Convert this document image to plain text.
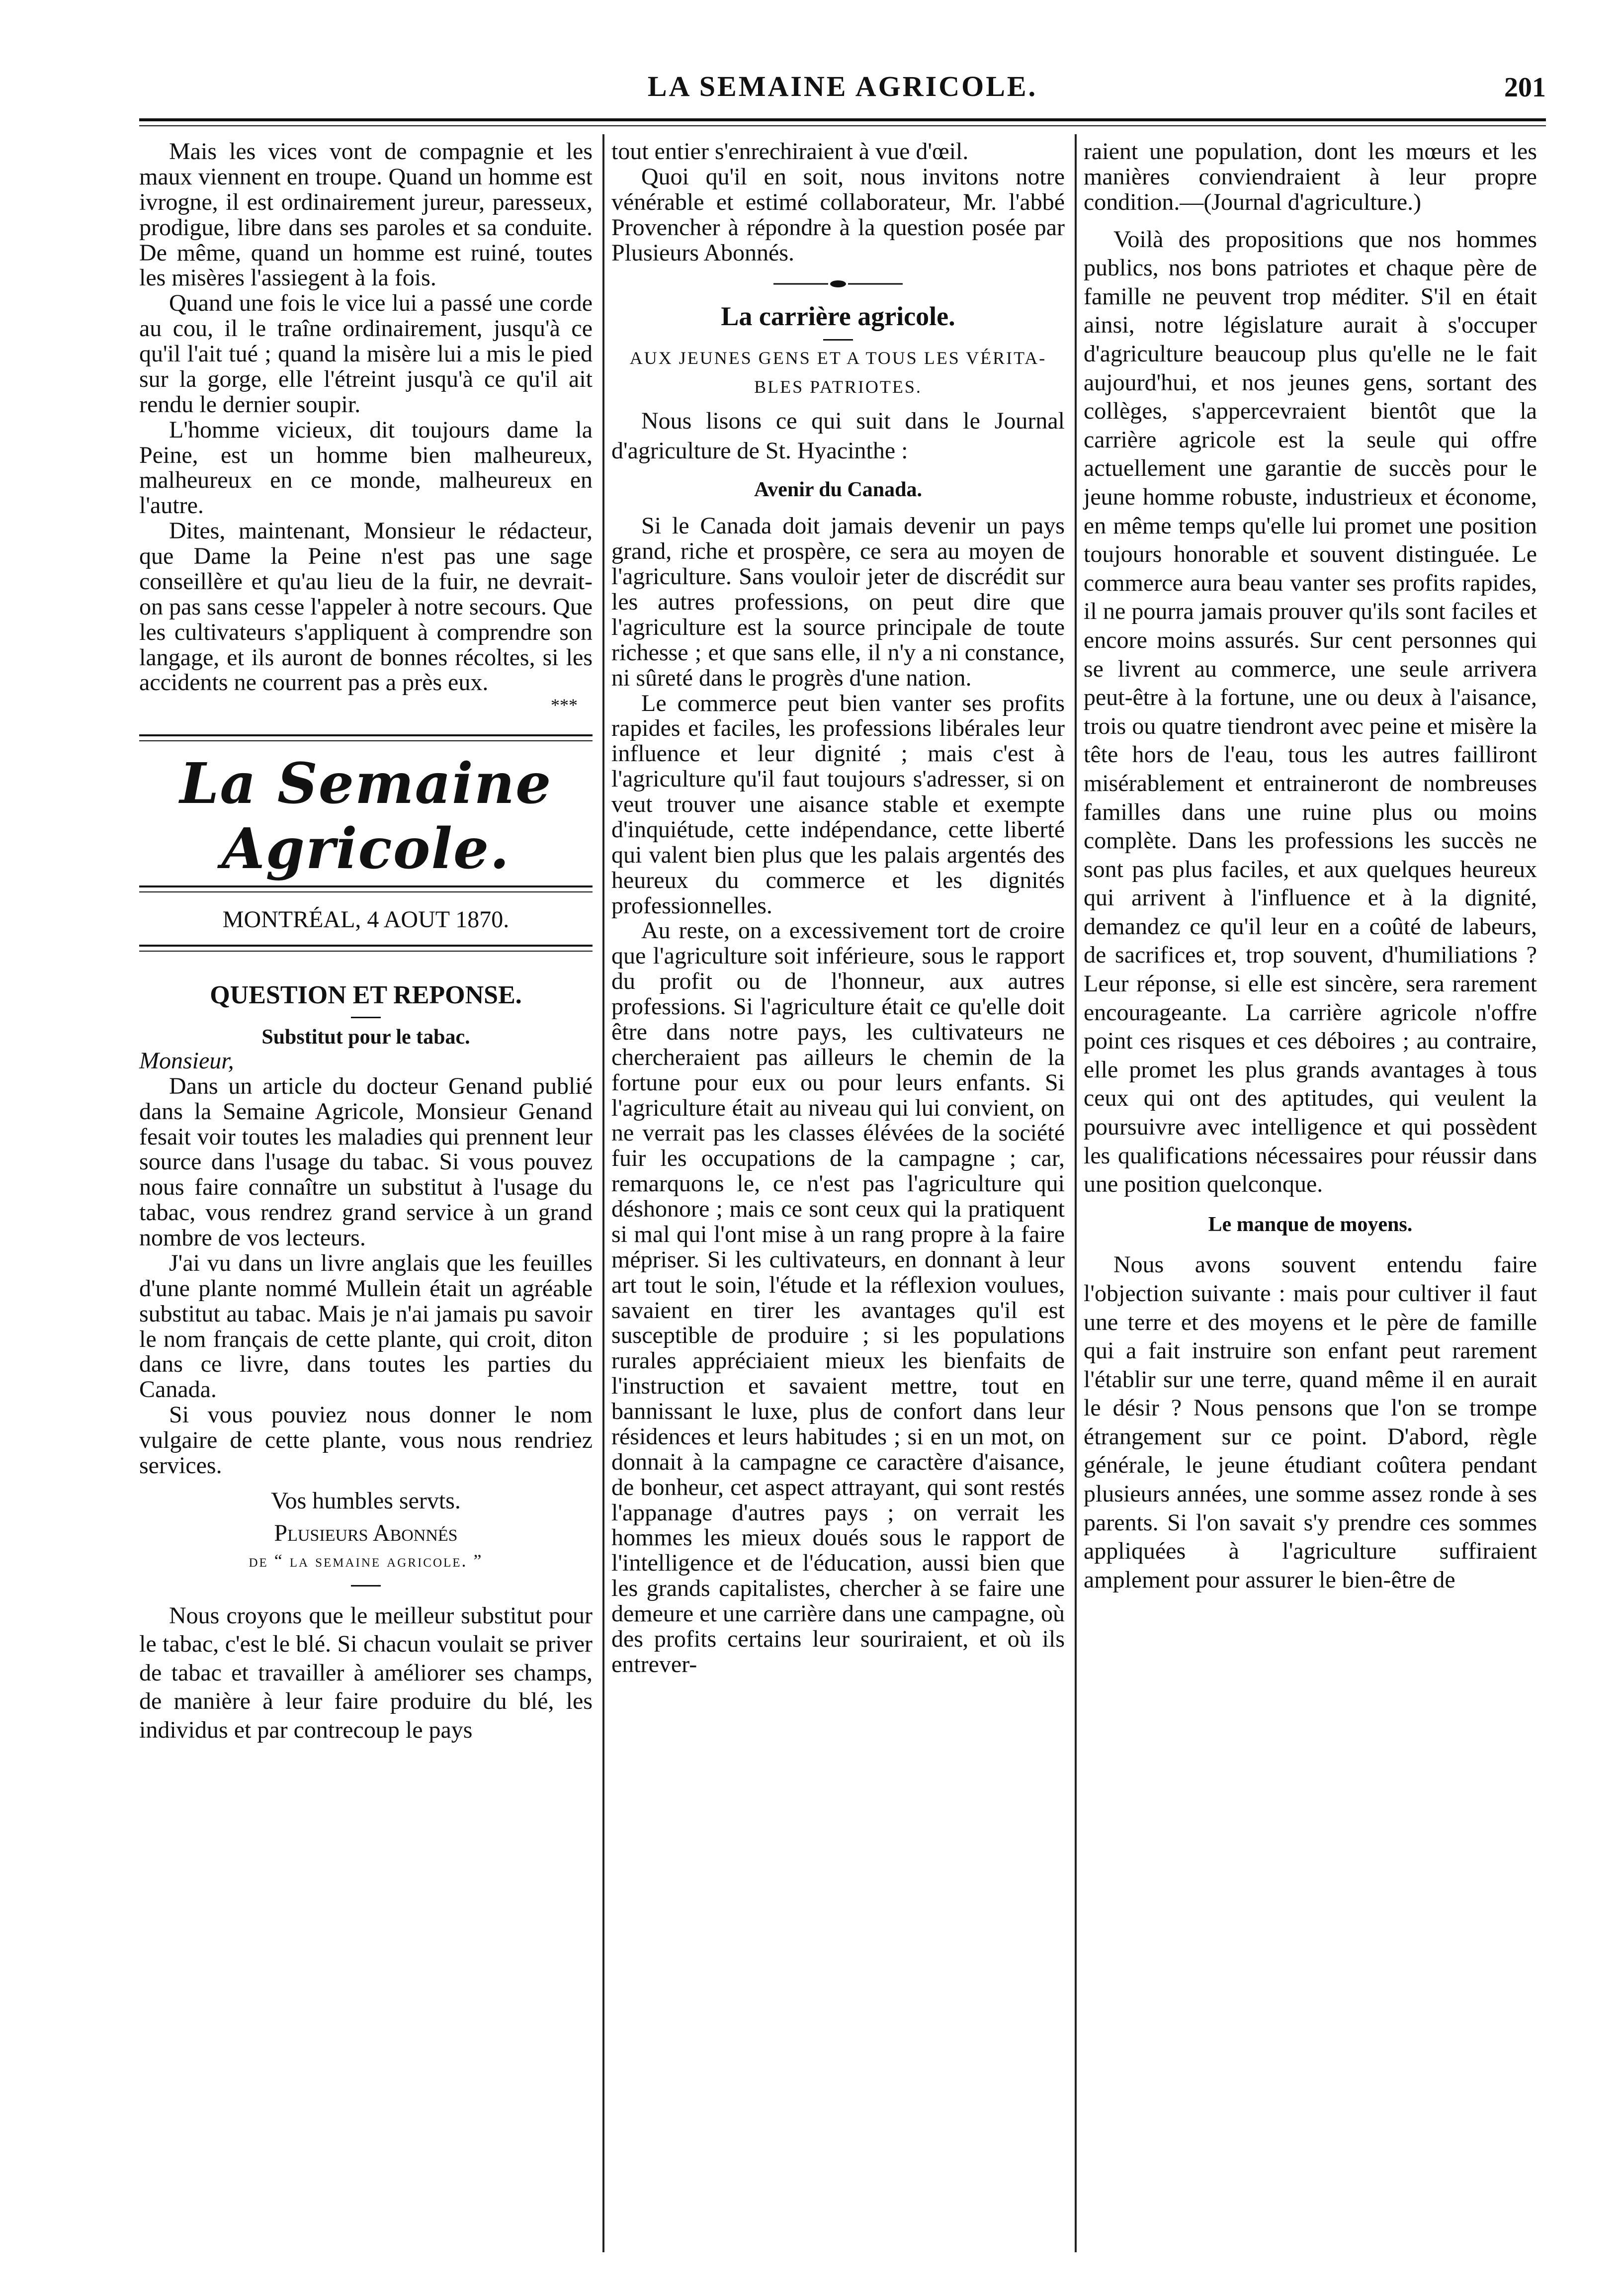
LA SEMAINE AGRICOLE.	201

Mais les vices vont de compagnie et les maux viennent en troupe. Quand un homme est ivrogne, il est ordinairement jureur, paresseux, prodigue, libre dans ses paroles et sa conduite. De même, quand un homme est ruiné, toutes les misères l'assiegent à la fois.

Quand une fois le vice lui a passé une corde au cou, il le traîne ordinairement, jusqu'à ce qu'il l'ait tué ; quand la misère lui a mis le pied sur la gorge, elle l'étreint jusqu'à ce qu'il ait rendu le dernier soupir.

L'homme vicieux, dit toujours dame la Peine, est un homme bien malheureux, malheureux en ce monde, malheureux en l'autre.

Dites, maintenant, Monsieur le rédacteur, que Dame la Peine n'est pas une sage conseillère et qu'au lieu de la fuir, ne devrait-on pas sans cesse l'appeler à notre secours. Que les cultivateurs s'appliquent à comprendre son langage, et ils auront de bonnes récoltes, si les accidents ne courrent pas a près eux.

***

La Semaine Agricole.

MONTRÉAL, 4 AOUT 1870.

QUESTION ET REPONSE.

Substitut pour le tabac.

Monsieur,

Dans un article du docteur Genand publié dans la Semaine Agricole, Monsieur Genand fesait voir toutes les maladies qui prennent leur source dans l'usage du tabac. Si vous pouvez nous faire connaître un substitut à l'usage du tabac, vous rendrez grand service à un grand nombre de vos lecteurs.

J'ai vu dans un livre anglais que les feuilles d'une plante nommé Mullein était un agréable substitut au tabac. Mais je n'ai jamais pu savoir le nom français de cette plante, qui croit, diton dans ce livre, dans toutes les parties du Canada.

Si vous pouviez nous donner le nom vulgaire de cette plante, vous nous rendriez services.

Vos humbles servts.

Plusieurs Abonnés

de “ la semaine agricole. ”

Nous croyons que le meilleur substitut pour le tabac, c'est le blé. Si chacun voulait se priver de tabac et travailler à améliorer ses champs, de manière à leur faire produire du blé, les individus et par contrecoup le pays

tout entier s'enrechiraient à vue d'œil.

Quoi qu'il en soit, nous invitons notre vénérable et estimé collaborateur, Mr. l'abbé Provencher à répondre à la question posée par Plusieurs Abonnés.

La carrière agricole.

AUX JEUNES GENS ET A TOUS LES VÉRITA-

BLES PATRIOTES.

Nous lisons ce qui suit dans le Journal d'agriculture de St. Hyacinthe :

Avenir du Canada.

Si le Canada doit jamais devenir un pays grand, riche et prospère, ce sera au moyen de l'agriculture. Sans vouloir jeter de discrédit sur les autres professions, on peut dire que l'agriculture est la source principale de toute richesse ; et que sans elle, il n'y a ni constance, ni sûreté dans le progrès d'une nation.

Le commerce peut bien vanter ses profits rapides et faciles, les professions libérales leur influence et leur dignité ; mais c'est à l'agriculture qu'il faut toujours s'adresser, si on veut trouver une aisance stable et exempte d'inquiétude, cette indépendance, cette liberté qui valent bien plus que les palais argentés des heureux du commerce et les dignités professionnelles.

Au reste, on a excessivement tort de croire que l'agriculture soit inférieure, sous le rapport du profit ou de l'honneur, aux autres professions. Si l'agriculture était ce qu'elle doit être dans notre pays, les cultivateurs ne chercheraient pas ailleurs le chemin de la fortune pour eux ou pour leurs enfants. Si l'agriculture était au niveau qui lui convient, on ne verrait pas les classes élévées de la société fuir les occupations de la campagne ; car, remarquons le, ce n'est pas l'agriculture qui déshonore ; mais ce sont ceux qui la pratiquent si mal qui l'ont mise à un rang propre à la faire mépriser. Si les cultivateurs, en donnant à leur art tout le soin, l'étude et la réflexion voulues, savaient en tirer les avantages qu'il est susceptible de produire ; si les populations rurales appréciaient mieux les bienfaits de l'instruction et savaient mettre, tout en bannissant le luxe, plus de confort dans leur résidences et leurs habitudes ; si en un mot, on donnait à la campagne ce caractère d'aisance, de bonheur, cet aspect attrayant, qui sont restés l'appanage d'autres pays ; on verrait les hommes les mieux doués sous le rapport de l'intelligence et de l'éducation, aussi bien que les grands capitalistes, chercher à se faire une demeure et une carrière dans une campagne, où des profits certains leur souriraient, et où ils entrever-

raient une population, dont les mœurs et les manières conviendraient à leur propre condition.—(Journal d'agriculture.)

Voilà des propositions que nos hommes publics, nos bons patriotes et chaque père de famille ne peuvent trop méditer. S'il en était ainsi, notre législature aurait à s'occuper d'agriculture beaucoup plus qu'elle ne le fait aujourd'hui, et nos jeunes gens, sortant des collèges, s'appercevraient bientôt que la carrière agricole est la seule qui offre actuellement une garantie de succès pour le jeune homme robuste, industrieux et économe, en même temps qu'elle lui promet une position toujours honorable et souvent distinguée. Le commerce aura beau vanter ses profits rapides, il ne pourra jamais prouver qu'ils sont faciles et encore moins assurés. Sur cent personnes qui se livrent au commerce, une seule arrivera peut-être à la fortune, une ou deux à l'aisance, trois ou quatre tiendront avec peine et misère la tête hors de l'eau, tous les autres failliront misérablement et entraineront de nombreuses familles dans une ruine plus ou moins complète. Dans les professions les succès ne sont pas plus faciles, et aux quelques heureux qui arrivent à l'influence et à la dignité, demandez ce qu'il leur en a coûté de labeurs, de sacrifices et, trop souvent, d'humiliations ? Leur réponse, si elle est sincère, sera rarement encourageante. La carrière agricole n'offre point ces risques et ces déboires ; au contraire, elle promet les plus grands avantages à tous ceux qui ont des aptitudes, qui veulent la poursuivre avec intelligence et qui possèdent les qualifications nécessaires pour réussir dans une position quelconque.

Le manque de moyens.

Nous avons souvent entendu faire l'objection suivante : mais pour cultiver il faut une terre et des moyens et le père de famille qui a fait instruire son enfant peut rarement l'établir sur une terre, quand même il en aurait le désir ? Nous pensons que l'on se trompe étrangement sur ce point. D'abord, règle générale, le jeune étudiant coûtera pendant plusieurs années, une somme assez ronde à ses parents. Si l'on savait s'y prendre ces sommes appliquées à l'agriculture suffiraient amplement pour assurer le bien-être de
